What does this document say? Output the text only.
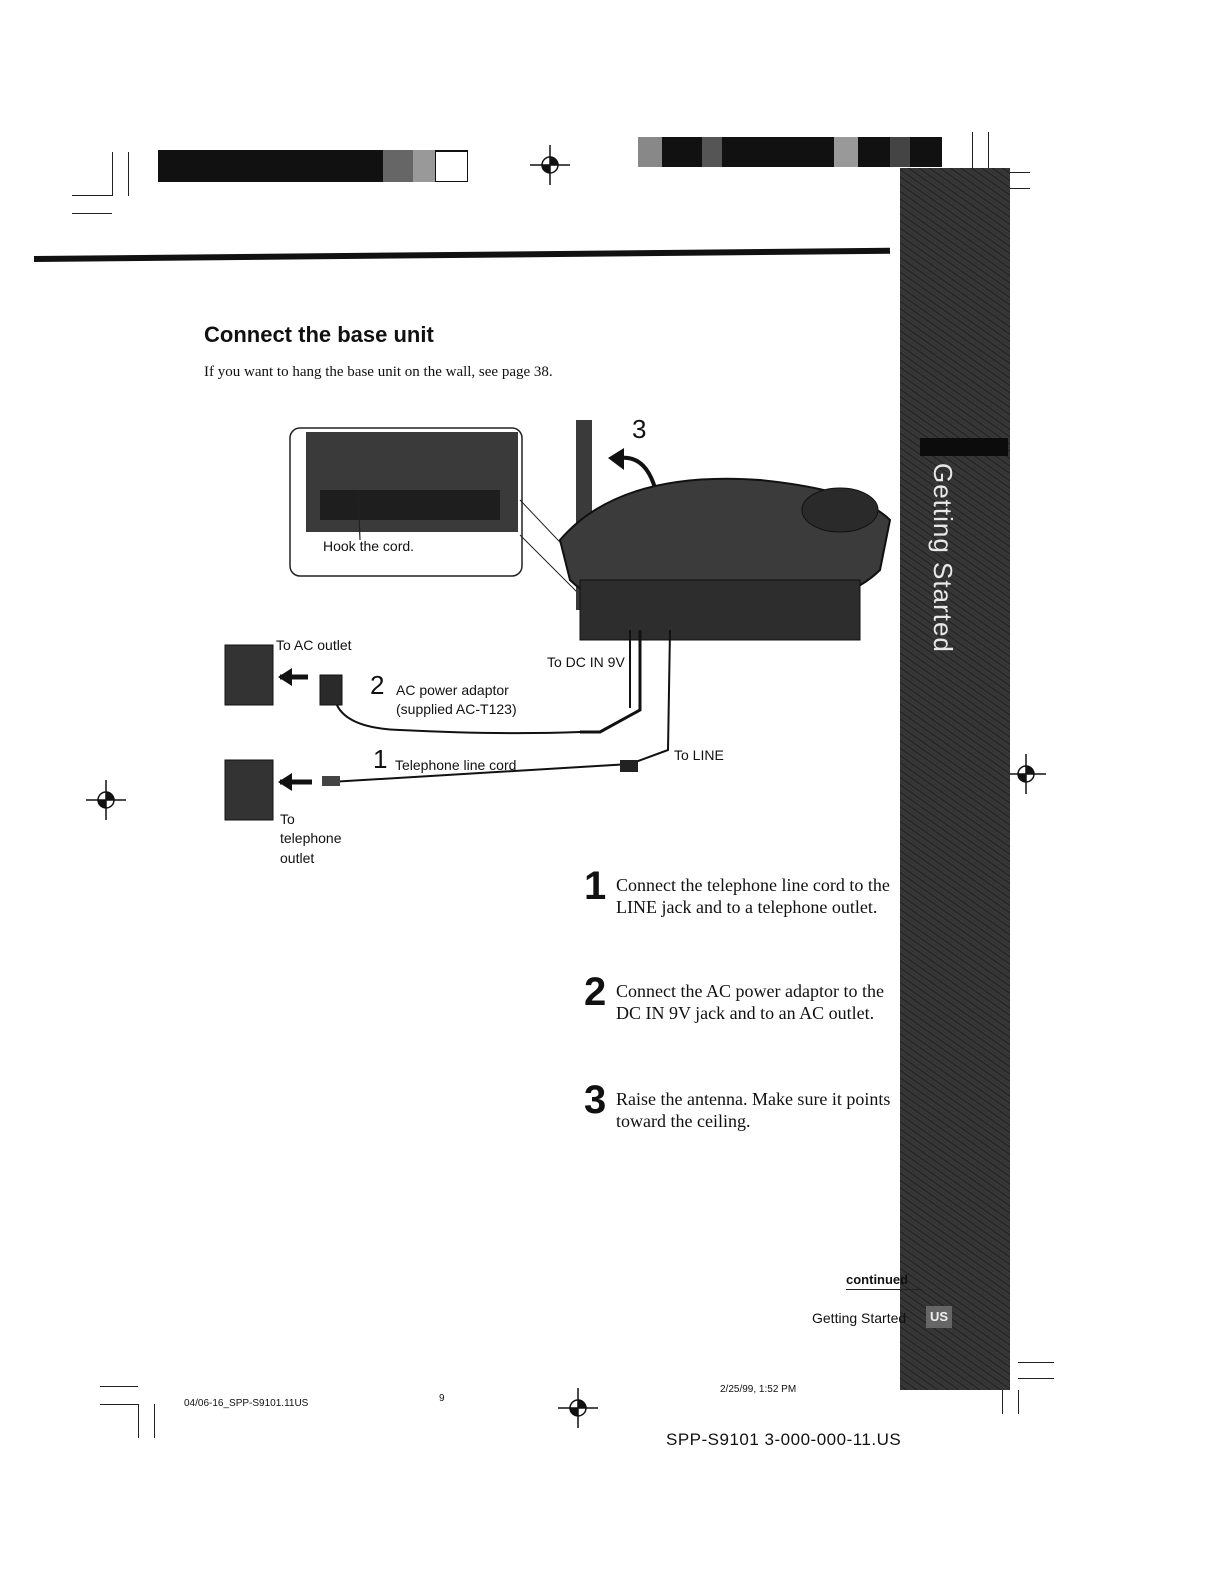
Getting Started
Connect the base unit
If you want to hang the base unit on the wall, see page 38.
3
Hook the cord.
To AC outlet
To DC IN 9V
2 AC power adaptor
(supplied AC-T123)
1 Telephone line cord
To LINE
To
telephone
outlet
1 Connect the telephone line cord to the LINE jack and to a telephone outlet.
2 Connect the AC power adaptor to the DC IN 9V jack and to an AC outlet.
3 Raise the antenna. Make sure it points toward the ceiling.
continued
Getting Started	US
04/06-16_SPP-S9101.11US	9
2/25/99, 1:52 PM
SPP-S9101 3-000-000-11.US
